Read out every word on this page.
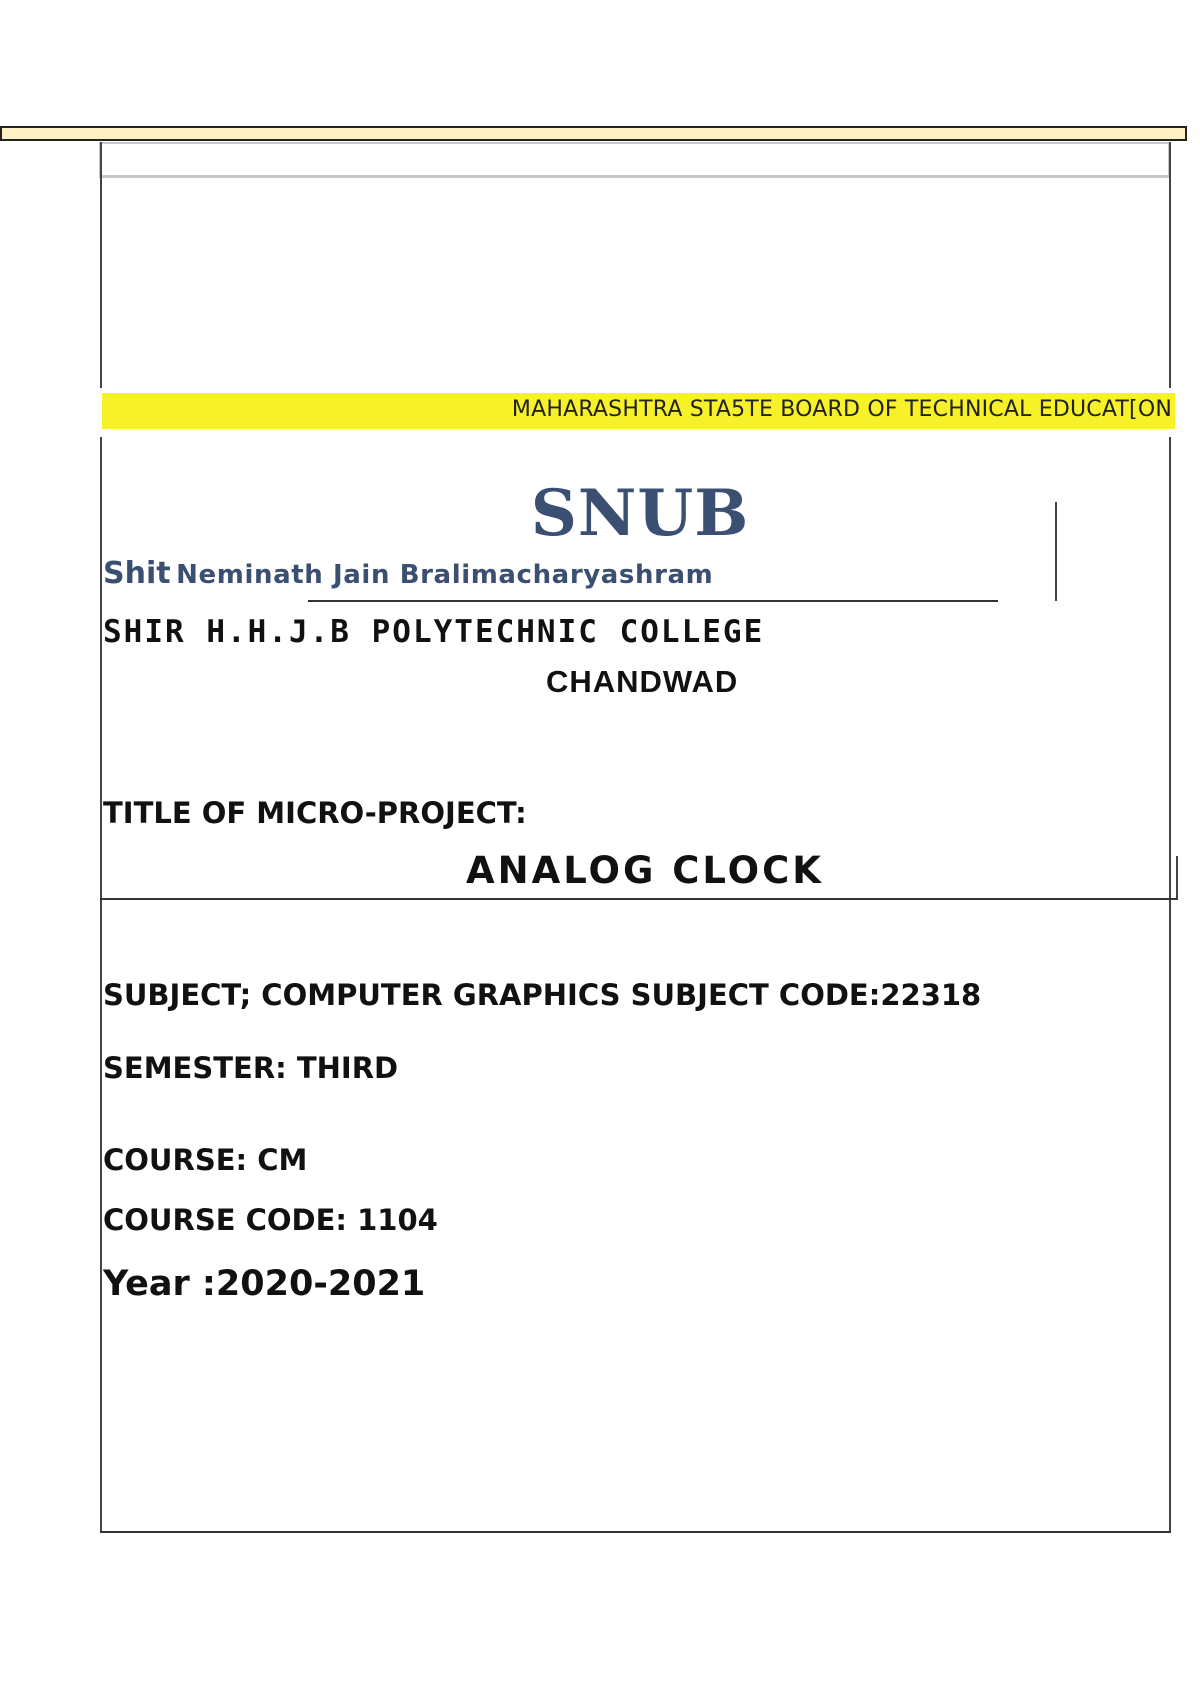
MAHARASHTRA STA5TE BOARD OF TECHNICAL EDUCAT[ON
SNUB
Shit Neminath Jain Bralimacharyashram
SHIR H.H.J.B POLYTECHNIC COLLEGE
CHANDWAD
TITLE OF MICRO-PROJECT:
ANALOG CLOCK
SUBJECT; COMPUTER GRAPHICS SUBJECT CODE:22318
SEMESTER: THIRD
COURSE: CM
COURSE CODE: 1104
Year :2020-2021
